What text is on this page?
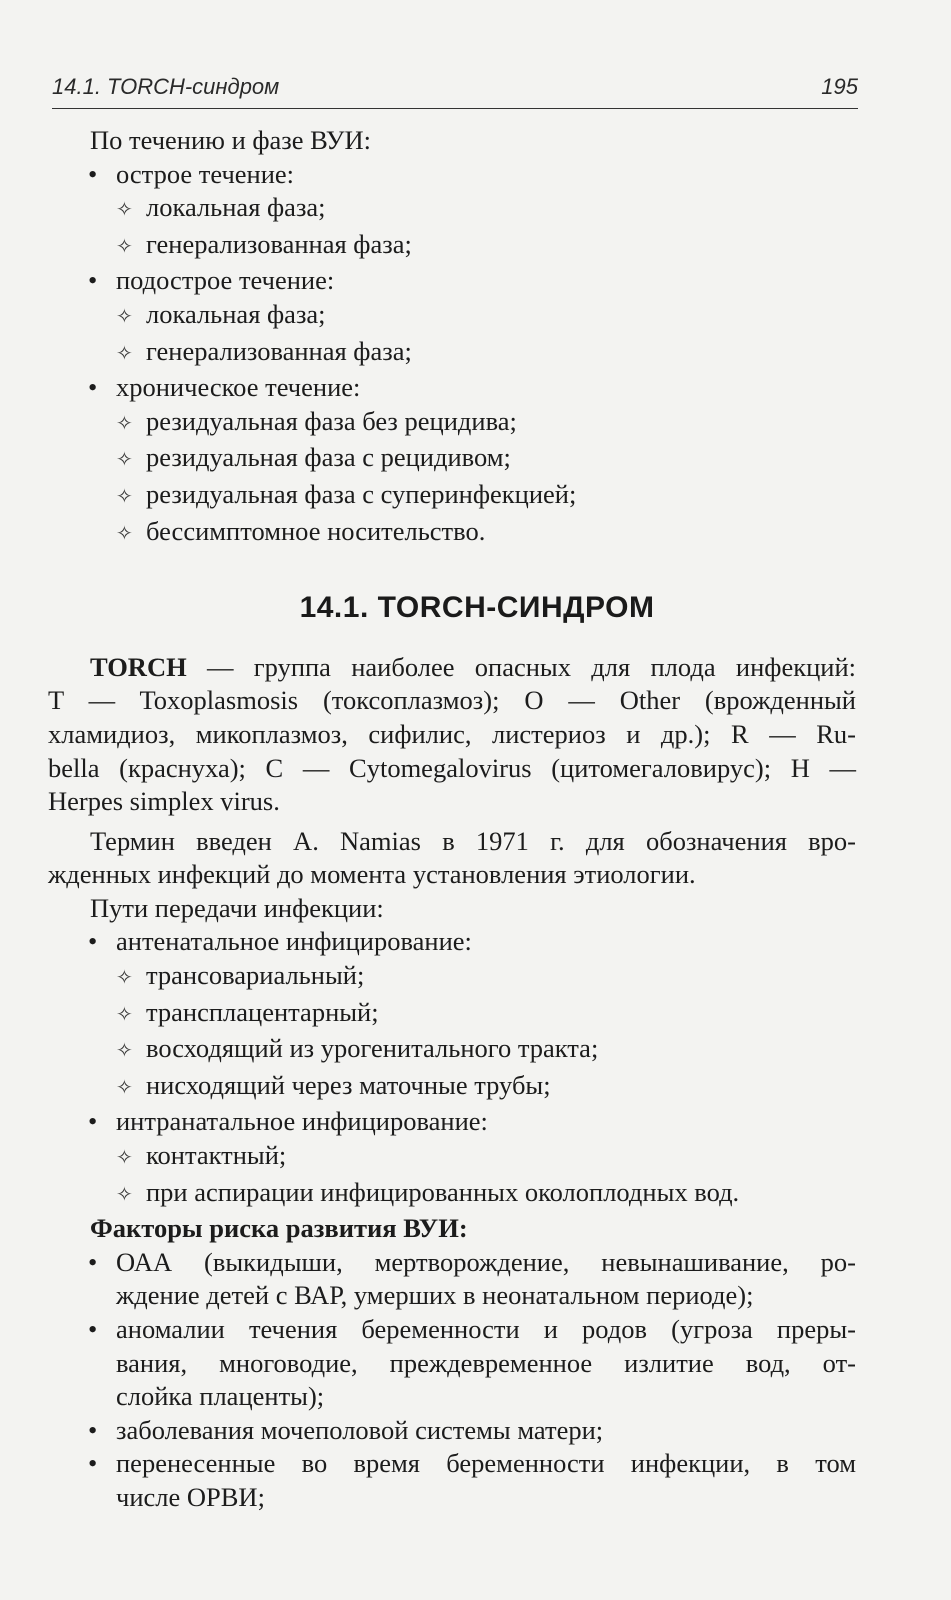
14.1. TORCH-синдром	195
По течению и фазе ВУИ:
• острое течение:
✧ локальная фаза;
✧ генерализованная фаза;
• подострое течение:
✧ локальная фаза;
✧ генерализованная фаза;
• хроническое течение:
✧ резидуальная фаза без рецидива;
✧ резидуальная фаза с рецидивом;
✧ резидуальная фаза с суперинфекцией;
✧ бессимптомное носительство.
14.1. TORCH-СИНДРОМ
TORCH — группа наиболее опасных для плода инфекций:
T — Toxoplasmosis (токсоплазмоз); O — Other (врожденный
хламидиоз, микоплазмоз, сифилис, листериоз и др.); R — Ru-
bella (краснуха); C — Cytomegalovirus (цитомегаловирус); H —
Herpes simplex virus.
Термин введен A. Namias в 1971 г. для обозначения вро-
жденных инфекций до момента установления этиологии.
Пути передачи инфекции:
• антенатальное инфицирование:
✧ трансовариальный;
✧ трансплацентарный;
✧ восходящий из урогенитального тракта;
✧ нисходящий через маточные трубы;
• интранатальное инфицирование:
✧ контактный;
✧ при аспирации инфицированных околоплодных вод.
Факторы риска развития ВУИ:
• ОАА (выкидыши, мертворождение, невынашивание, ро-
ждение детей с ВАР, умерших в неонатальном периоде);
• аномалии течения беременности и родов (угроза преры-
вания, многоводие, преждевременное излитие вод, от-
слойка плаценты);
• заболевания мочеполовой системы матери;
• перенесенные во время беременности инфекции, в том
числе ОРВИ;
